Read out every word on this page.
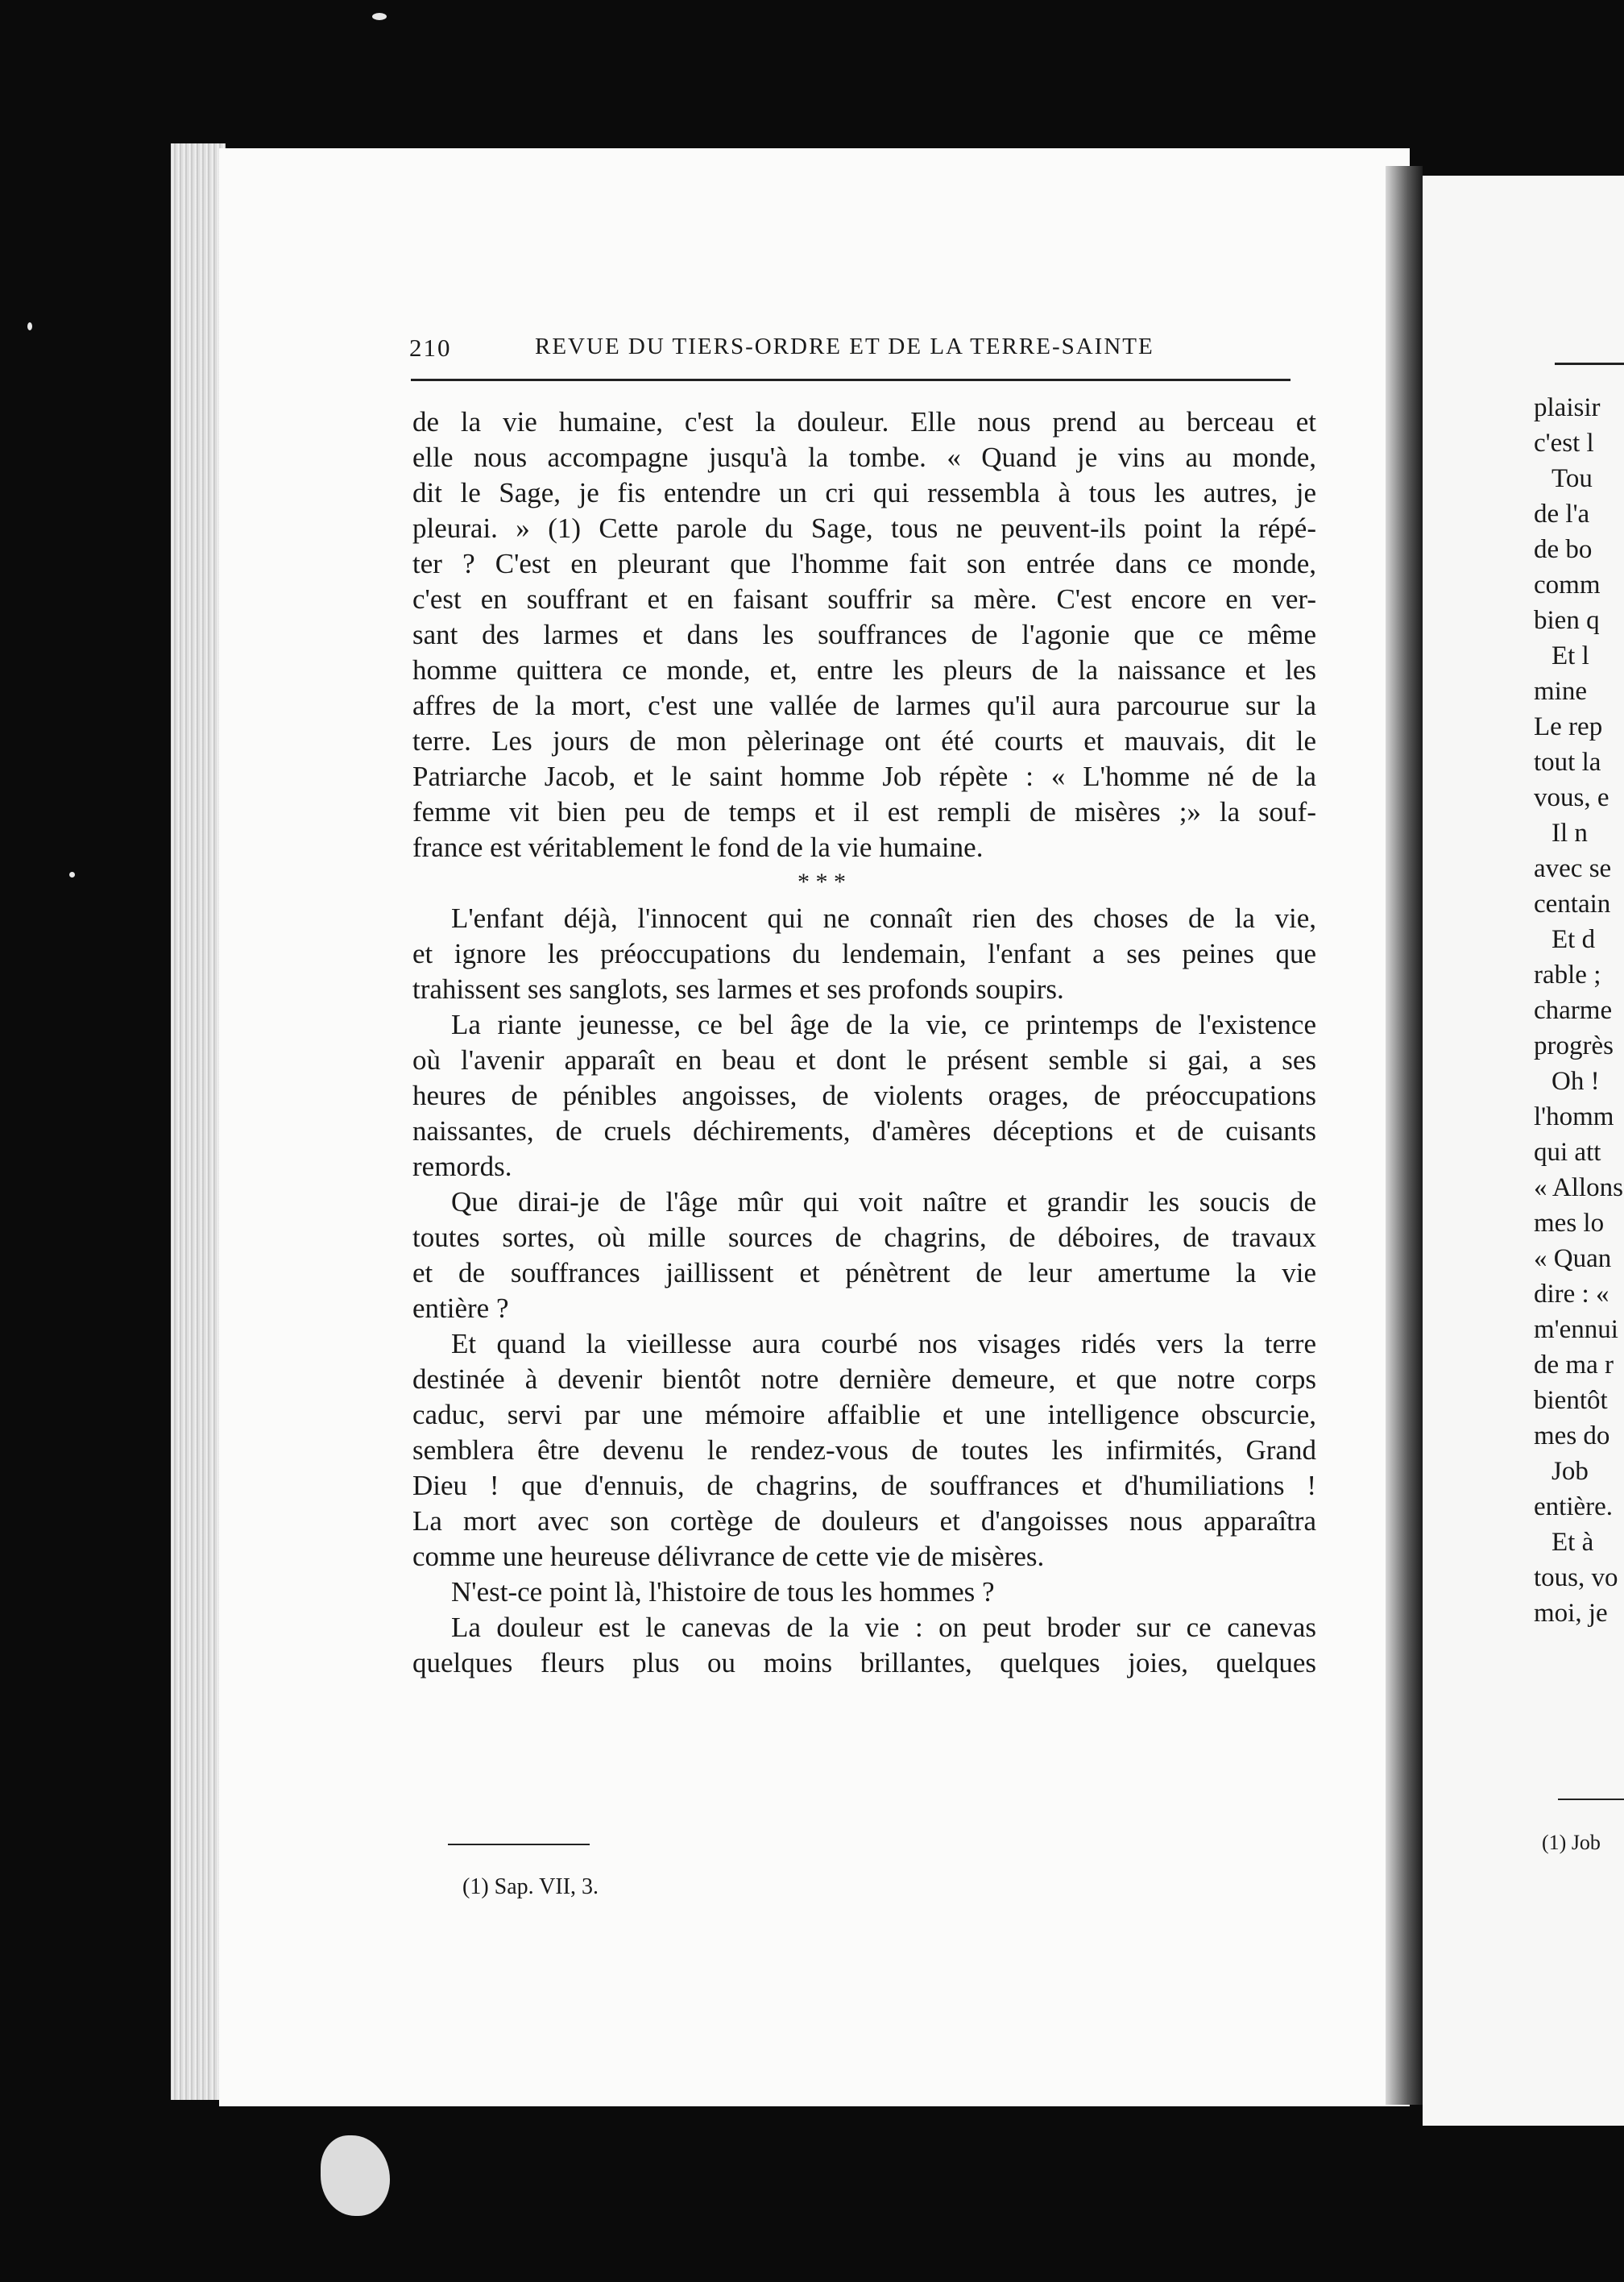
210	REVUE DU TIERS-ORDRE ET DE LA TERRE-SAINTE
de la vie humaine, c'est la douleur. Elle nous prend au berceau et
elle nous accompagne jusqu'à la tombe. « Quand je vins au monde,
dit le Sage, je fis entendre un cri qui ressembla à tous les autres, je
pleurai. » (1) Cette parole du Sage, tous ne peuvent-ils point la répé-
ter ? C'est en pleurant que l'homme fait son entrée dans ce monde,
c'est en souffrant et en faisant souffrir sa mère. C'est encore en ver-
sant des larmes et dans les souffrances de l'agonie que ce même
homme quittera ce monde, et, entre les pleurs de la naissance et les
affres de la mort, c'est une vallée de larmes qu'il aura parcourue sur la
terre. Les jours de mon pèlerinage ont été courts et mauvais, dit le
Patriarche Jacob, et le saint homme Job répète : « L'homme né de la
femme vit bien peu de temps et il est rempli de misères ;» la souf-
france est véritablement le fond de la vie humaine.
* * *
L'enfant déjà, l'innocent qui ne connaît rien des choses de la vie,
et ignore les préoccupations du lendemain, l'enfant a ses peines que
trahissent ses sanglots, ses larmes et ses profonds soupirs.
La riante jeunesse, ce bel âge de la vie, ce printemps de l'existence
où l'avenir apparaît en beau et dont le présent semble si gai, a ses
heures de pénibles angoisses, de violents orages, de préoccupations
naissantes, de cruels déchirements, d'amères déceptions et de cuisants
remords.
Que dirai-je de l'âge mûr qui voit naître et grandir les soucis de
toutes sortes, où mille sources de chagrins, de déboires, de travaux
et de souffrances jaillissent et pénètrent de leur amertume la vie
entière ?
Et quand la vieillesse aura courbé nos visages ridés vers la terre
destinée à devenir bientôt notre dernière demeure, et que notre corps
caduc, servi par une mémoire affaiblie et une intelligence obscurcie,
semblera être devenu le rendez-vous de toutes les infirmités, Grand
Dieu ! que d'ennuis, de chagrins, de souffrances et d'humiliations !
La mort avec son cortège de douleurs et d'angoisses nous apparaîtra
comme une heureuse délivrance de cette vie de misères.
N'est-ce point là, l'histoire de tous les hommes ?
La douleur est le canevas de la vie : on peut broder sur ce canevas
quelques fleurs plus ou moins brillantes, quelques joies, quelques
(1) Sap. VII, 3.
plaisir
c'est l
Tou
de l'a
de bo
comm
bien q
Et l
mine
Le rep
tout la
vous, e
Il n
avec se
centain
Et d
rable ;
charme
progrès
Oh !
l'homm
qui att
« Allons
mes lo
« Quan
dire : «
m'ennui
de ma r
bientôt
mes do
Job
entière.
Et à
tous, vo
moi, je
(1) Job
